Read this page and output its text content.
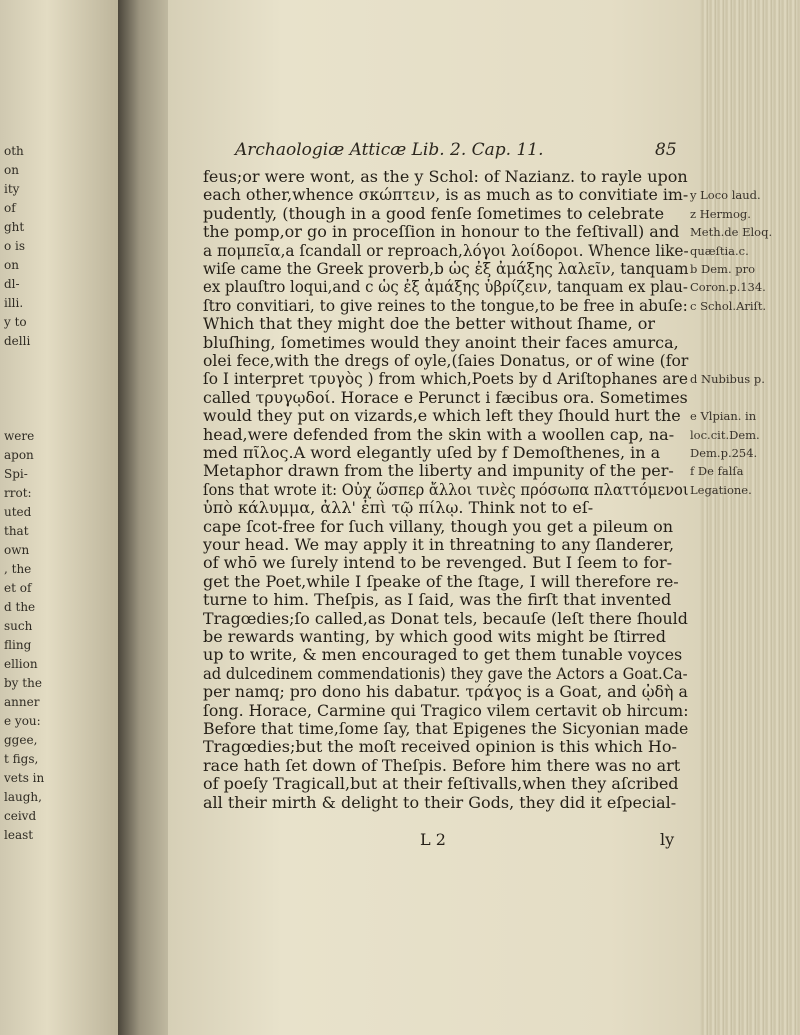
oth
on
ity
of
ght
o is
on
dl-
illi.
y to
delli
were
apon
Spi-
rrot:
uted
that
own
, the
et of
d the
such
fling
ellion
by the
anner
e you:
ggee,
t figs,
vets in
laugh,
ceivd
least
Archaologiæ Atticæ Lib. 2. Cap. 11.	85
feus;or were wont, as the y Schol: of Nazianz. to rayle upon
each other,whence σκώπτειν, is as much as to convitiate im-
pudently, (though in a good fenſe ſometimes to celebrate
the pomp,or go in proceſſion in honour to the feſtivall) and
a πομπεῖα,a ſcandall or reproach,λόγοι λοίδοροι. Whence like-
wiſe came the Greek proverb,b ὡς ἐξ ἀμάξης λαλεῖν, tanquam
ex plauſtro loqui,and c ὡς ἐξ ἀμάξης ὑβρίζειν, tanquam ex plau-
ſtro convitiari, to give reines to the tongue,to be free in abuſe:
Which that they might doe the better without ſhame, or
bluſhing, ſometimes would they anoint their faces amurca,
olei fece,with the dregs of oyle,(ſaies Donatus, or of wine (for
ſo I interpret τρυγὸς ) from which,Poets by d Ariſtophanes are
called τρυγῳδοί. Horace e Perunct i fæcibus ora. Sometimes
would they put on vizards,e which left they ſhould hurt the
head,were defended from the skin with a woollen cap, na-
med πῖλος.A word elegantly uſed by f Demoſthenes, in a
Metaphor drawn from the liberty and impunity of the per-
ſons that wrote it: Οὐχ ὥσπερ ἄλλοι τινὲς πρόσωπα πλαττόμενοι
ὑπὸ κάλυμμα, ἀλλ' ἐπὶ τῷ πίλῳ. Think not to eſ-
cape ſcot-free for ſuch villany, though you get a pileum on
your head. We may apply it in threatning to any ſlanderer,
of whō we ſurely intend to be revenged. But I ſeem to for-
get the Poet,while I ſpeake of the ſtage, I will therefore re-
turne to him. Theſpis, as I ſaid, was the firſt that invented
Tragœdies;ſo called,as Donat tels, becauſe (leſt there ſhould
be rewards wanting, by which good wits might be ſtirred
up to write, & men encouraged to get them tunable voyces
ad dulcedinem commendationis) they gave the Actors a Goat.Ca-
per namq; pro dono his dabatur. τράγος is a Goat, and ᾠδὴ a
ſong. Horace, Carmine qui Tragico vilem certavit ob hircum:
Before that time,ſome ſay, that Epigenes the Sicyonian made
Tragœdies;but the moſt received opinion is this which Ho-
race hath ſet down of Theſpis. Before him there was no art
of poeſy Tragicall,but at their feſtivalls,when they aſcribed
all their mirth & delight to their Gods, they did it eſpecial-
y Loco laud.
z Hermog.
Meth.de Eloq.
quæſtia.c.
b Dem. pro
Coron.p.134.
c Schol.Ariſt.
d Nubibus p.
e Vlpian. in
loc.cit.Dem.
Dem.p.254.
f De falſa
Legatione.
L 2	ly
